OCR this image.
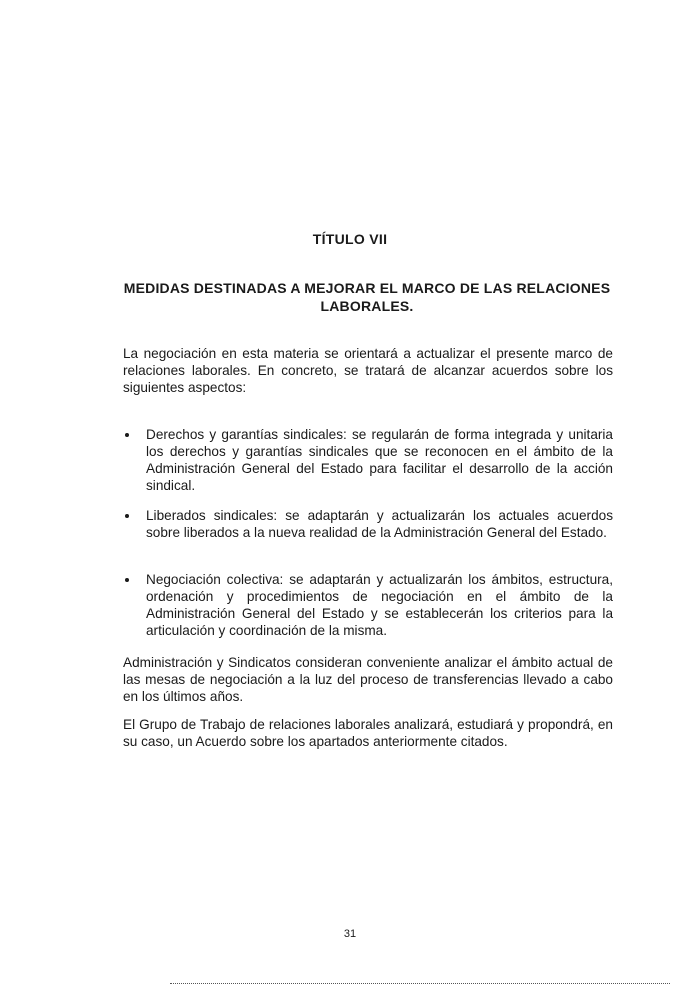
TÍTULO VII
MEDIDAS DESTINADAS A MEJORAR EL MARCO DE LAS RELACIONES
LABORALES.

La negociación en esta materia se orientará a actualizar el presente marco de relaciones laborales. En concreto, se tratará de alcanzar acuerdos sobre los siguientes aspectos:

Derechos y garantías sindicales: se regularán de forma integrada y unitaria los derechos y garantías sindicales que se reconocen en el ámbito de la Administración General del Estado para facilitar el desarrollo de la acción sindical.
Liberados sindicales: se adaptarán y actualizarán los actuales acuerdos sobre liberados a la nueva realidad de la Administración General del Estado.
Negociación colectiva: se adaptarán y actualizarán los ámbitos, estructura, ordenación y procedimientos de negociación en el ámbito de la Administración General del Estado y se establecerán los criterios para la articulación y coordinación de la misma.

Administración y Sindicatos consideran conveniente analizar el ámbito actual de las mesas de negociación a la luz del proceso de transferencias llevado a cabo en los últimos años.

El Grupo de Trabajo de relaciones laborales analizará, estudiará y propondrá, en su caso, un Acuerdo sobre los apartados anteriormente citados.

31
